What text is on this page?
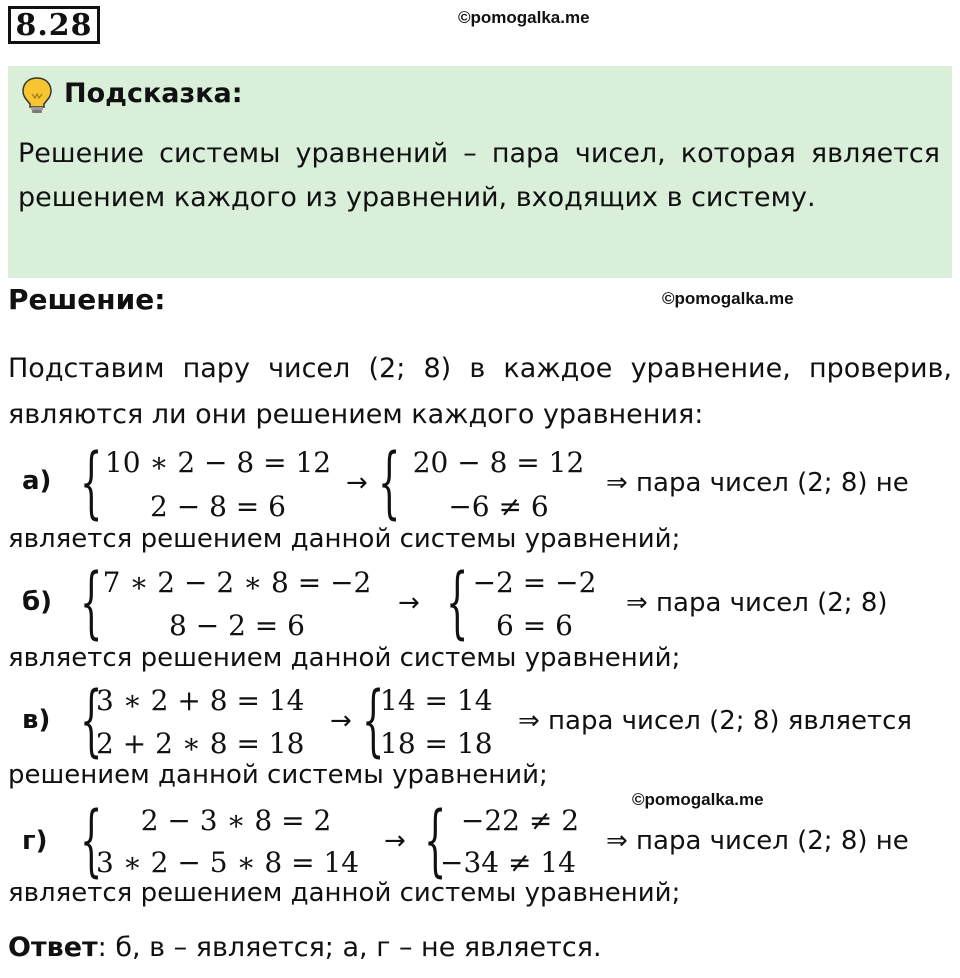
8.28	©pomogalka.me
Подсказка:
Решение системы уравнений – пара чисел, которая является решением каждого из уравнений, входящих в систему.
Решение:	©pomogalka.me
Подставим пару чисел (2; 8) в каждое уравнение, проверив, являются ли они решением каждого уравнения:
а) { 10 ∗ 2 − 8 = 12
2 − 8 = 6
→ { 20 − 8 = 12
−6 ≠ 6
⇒ пара чисел (2; 8) не
является решением данной системы уравнений;
б) { 7 ∗ 2 − 2 ∗ 8 = −2
8 − 2 = 6
→ { −2 = −2
6 = 6
⇒ пара чисел (2; 8)
является решением данной системы уравнений;
в) {
3 ∗ 2 + 8 = 14
2 + 2 ∗ 8 = 18
→ {
14 = 14
18 = 18
⇒ пара чисел (2; 8) является
решением данной системы уравнений;
©pomogalka.me
г) {	2 − 3 ∗ 8 = 2
3 ∗ 2 − 5 ∗ 8 = 14
→ { −22 ≠ 2
−34 ≠ 14
⇒ пара чисел (2; 8) не
является решением данной системы уравнений;
Ответ: б, в – является; а, г – не является.
